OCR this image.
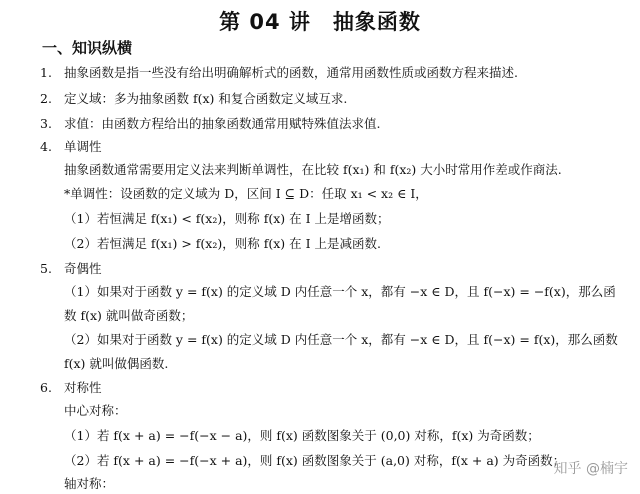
第 04 讲　抽象函数
一、知识纵横
1. 抽象函数是指一些没有给出明确解析式的函数，通常用函数性质或函数方程来描述.
2. 定义域：多为抽象函数 f(x) 和复合函数定义域互求.
3. 求值：由函数方程给出的抽象函数通常用赋特殊值法求值.
4. 单调性
抽象函数通常需要用定义法来判断单调性，在比较 f(x₁) 和 f(x₂) 大小时常用作差或作商法.
*单调性：设函数的定义域为 D，区间 I ⊆ D：任取 x₁ < x₂ ∈ I，
（1）若恒满足 f(x₁) < f(x₂)，则称 f(x) 在 I 上是增函数；
（2）若恒满足 f(x₁) > f(x₂)，则称 f(x) 在 I 上是减函数.
5. 奇偶性
（1）如果对于函数 y = f(x) 的定义域 D 内任意一个 x，都有 −x ∈ D，且 f(−x) = −f(x)，那么函
数 f(x) 就叫做奇函数；
（2）如果对于函数 y = f(x) 的定义域 D 内任意一个 x，都有 −x ∈ D，且 f(−x) = f(x)，那么函数
f(x) 就叫做偶函数.
6. 对称性
中心对称：
（1）若 f(x + a) = −f(−x − a)，则 f(x) 函数图象关于 (0,0) 对称，f(x) 为奇函数；
（2）若 f(x + a) = −f(−x + a)，则 f(x) 函数图象关于 (a,0) 对称，f(x + a) 为奇函数；
轴对称：
知乎 @楠宇
